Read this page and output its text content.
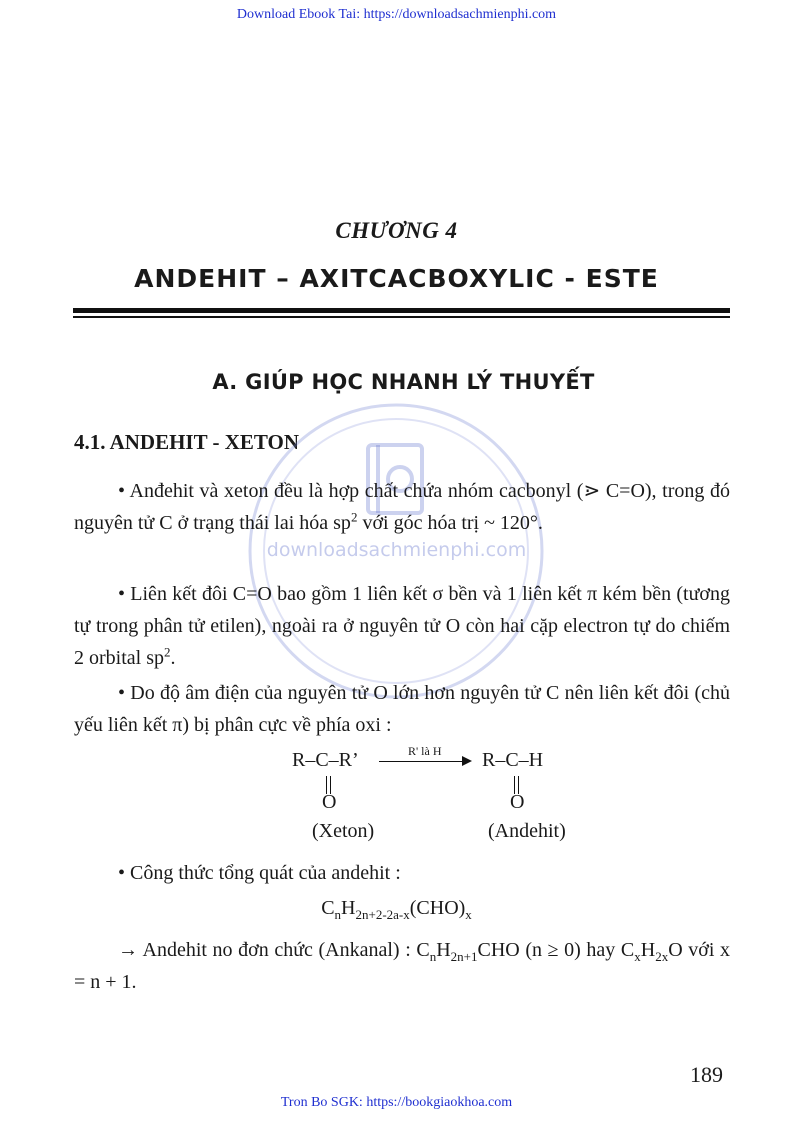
Download Ebook Tai: https://downloadsachmienphi.com
CHƯƠNG 4
ANDEHIT – AXITCACBOXYLIC - ESTE
A. GIÚP HỌC NHANH LÝ THUYẾT
4.1. ANDEHIT - XETON
downloadsachmienphi.com
• Anđehit và xeton đều là hợp chất chứa nhóm cacbonyl (⋗ C=O), trong đó nguyên tử C ở trạng thái lai hóa $sp^2$ với góc hóa trị ~ 120°.
• Liên kết đôi C=O bao gồm 1 liên kết σ bền và 1 liên kết π kém bền (tương tự trong phân tử etilen), ngoài ra ở nguyên tử O còn hai cặp electron tự do chiếm 2 orbital $sp^2$.
• Do độ âm điện của nguyên tử O lớn hơn nguyên tử C nên liên kết đôi (chủ yếu liên kết π) bị phân cực về phía oxi :
R–C–R’	R' là H R–C–H
O	O
(Xeton)	(Andehit)
• Công thức tổng quát của andehit :
$C_nH_{2n+2-2a-x}(CHO)_x$
→ Andehit no đơn chức (Ankanal) : $C_nH_{2n+1}CHO$ (n ≥ 0) hay $C_xH_{2x}O$ với x = n + 1.
189
Tron Bo SGK: https://bookgiaokhoa.com
